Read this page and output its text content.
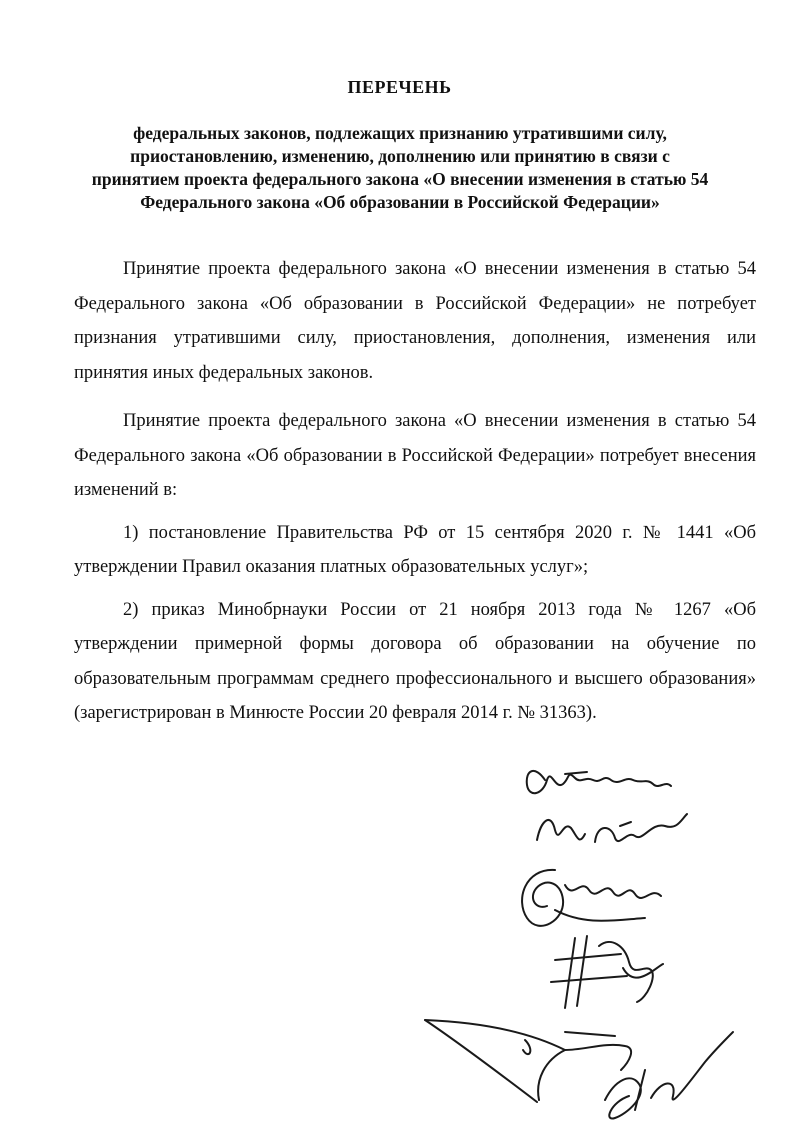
ПЕРЕЧЕНЬ
федеральных законов, подлежащих признанию утратившими силу,
приостановлению, изменению, дополнению или принятию в связи с
принятием проекта федерального закона «О внесении изменения в статью 54
Федерального закона «Об образовании в Российской Федерации»

Принятие проекта федерального закона «О внесении изменения в статью 54 Федерального закона «Об образовании в Российской Федерации» не потребует признания утратившими силу, приостановления, дополнения, изменения или принятия иных федеральных законов.

Принятие проекта федерального закона «О внесении изменения в статью 54 Федерального закона «Об образовании в Российской Федерации» потребует внесения изменений в:

1) постановление Правительства РФ от 15 сентября 2020 г. № 1441 «Об утверждении Правил оказания платных образовательных услуг»;

2) приказ Минобрнауки России от 21 ноября 2013 года № 1267 «Об утверждении примерной формы договора об образовании на обучение по образовательным программам среднего профессионального и высшего образования» (зарегистрирован в Минюсте России 20 февраля 2014 г. № 31363).
